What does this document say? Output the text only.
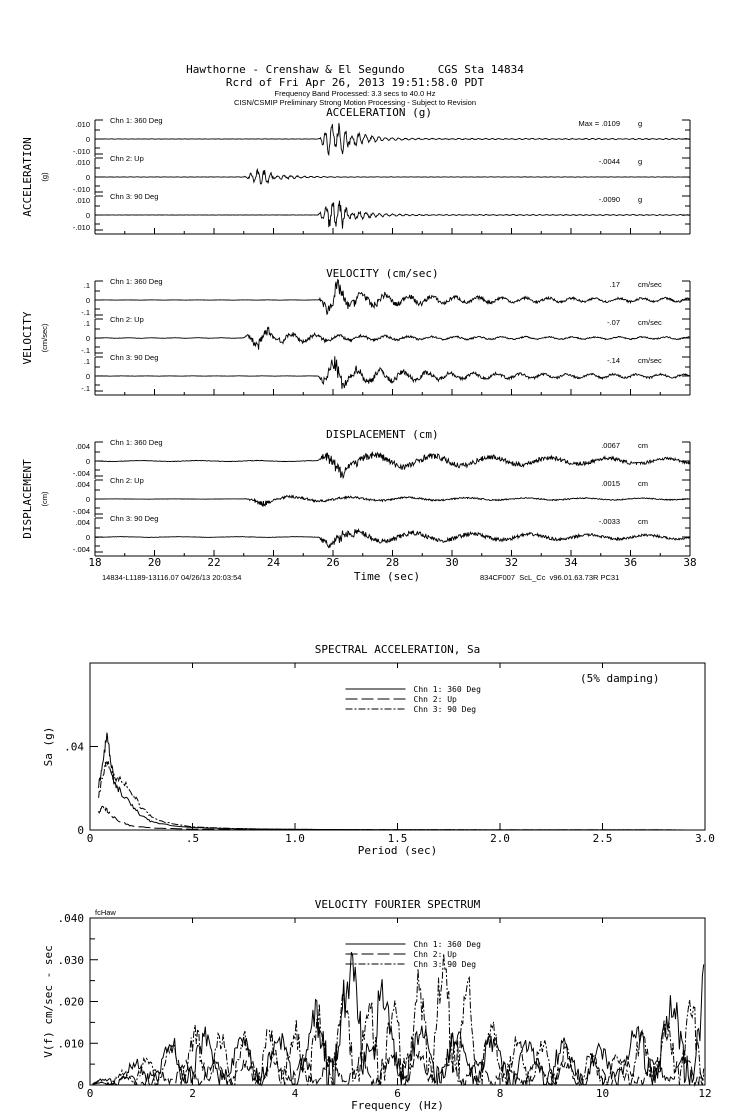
Hawthorne - Crenshaw & El Segundo     CGS Sta 14834
Rcrd of Fri Apr 26, 2013 19:51:58.0 PDT
Frequency Band Processed: 3.3 secs to 40.0 Hz
CISN/CSMIP Preliminary Strong Motion Processing - Subject to Revision
14834-L1189-13116.07 04/26/13 20:03:54	834CF007  ScL_Cc  v96.01.63.73R PC31
Time (sec)
ACCELERATION (g)
ACCELERATION (g)
.010
0
-.010
Chn 1: 360 Deg	Max = .0109 g
.010
0
-.010
Chn 2: Up	-.0044 g
.010
0
-.010
Chn 3: 90 Deg	-.0090 g
VELOCITY (cm/sec)
VELOCITY (cm/sec)
.1
0
-.1
Chn 1: 360 Deg	.17 cm/sec
.1
0
-.1
Chn 2: Up	-.07 cm/sec
.1
0
-.1
Chn 3: 90 Deg	-.14 cm/sec
DISPLACEMENT (cm)
DISPLACEMENT (cm)
.004
0
-.004
Chn 1: 360 Deg	.0067 cm
.004
0
-.004
Chn 2: Up	.0015 cm
.004
0
-.004
Chn 3: 90 Deg	-.0033 cm
18	20	22	24	26	28	30	32	34	36	38
SPECTRAL ACCELERATION, Sa
Period (sec)
Sa (g)
0	.5	1.0	1.5	2.0	2.5	3.0
0
.04
Chn 1: 360 Deg
Chn 2: Up
Chn 3: 90 Deg
(5% damping)
VELOCITY FOURIER SPECTRUM
Frequency (Hz)
V(f) cm/sec - sec
0	2	4	6	8	10	12
0
.010
.020
.030
.040
Chn 1: 360 Deg
Chn 2: Up
Chn 3: 90 Deg
fcHaw
